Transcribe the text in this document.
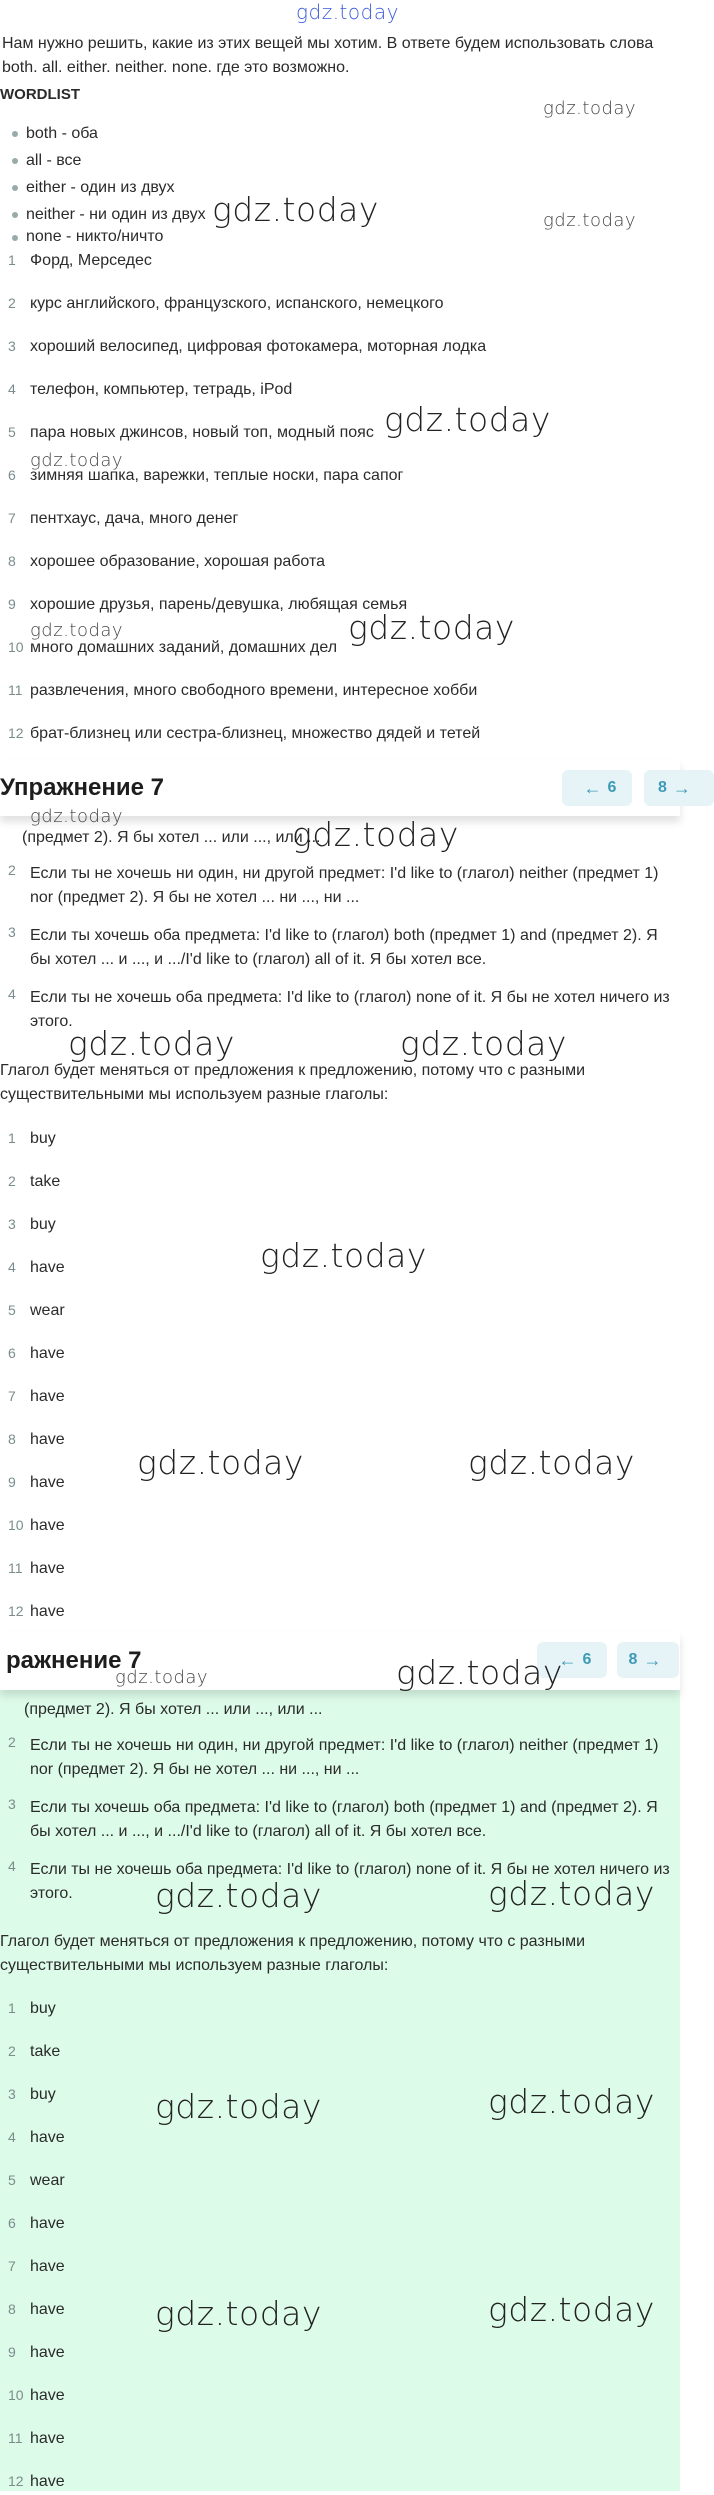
gdz.today
Нам нужно решить, какие из этих вещей мы хотим. В ответе будем использовать слова both. all. either. neither. none. где это возможно.
WORDLIST
both - оба
all - все
either - один из двух
neither - ни один из двух
none - никто/ничто
1 Форд, Мерседес
2 курс английского, французского, испанского, немецкого
3 хороший велосипед, цифровая фотокамера, моторная лодка
4 телефон, компьютер, тетрадь, iPod
5 пара новых джинсов, новый топ, модный пояс
6 зимняя шапка, варежки, теплые носки, пара сапог
7 пентхаус, дача, много денег
8 хорошее образование, хорошая работа
9 хорошие друзья, парень/девушка, любящая семья
10 много домашних заданий, домашних дел
11 развлечения, много свободного времени, интересное хобби
12 брат-близнец или сестра-близнец, множество дядей и тетей
Упражнение 7	← 6	8 →
(предмет 2). Я бы хотел ... или ..., или ...
2 Если ты не хочешь ни один, ни другой предмет: I'd like to (глагол) neither (предмет 1) nor (предмет 2). Я бы не хотел ... ни ..., ни ...
3 Если ты хочешь оба предмета: I'd like to (глагол) both (предмет 1) and (предмет 2). Я бы хотел ... и ..., и .../I'd like to (глагол) all of it. Я бы хотел все.
4 Если ты не хочешь оба предмета: I'd like to (глагол) none of it. Я бы не хотел ничего из этого.
Глагол будет меняться от предложения к предложению, потому что с разными существительными мы используем разные глаголы:
1 buy
2 take
3 buy
4 have
5 wear
6 have
7 have
8 have
9 have
10 have
11 have
12 have
ражнение 7	← 6 8 →
(предмет 2). Я бы хотел ... или ..., или ...
2 Если ты не хочешь ни один, ни другой предмет: I'd like to (глагол) neither (предмет 1) nor (предмет 2). Я бы не хотел ... ни ..., ни ...
3 Если ты хочешь оба предмета: I'd like to (глагол) both (предмет 1) and (предмет 2). Я бы хотел ... и ..., и .../I'd like to (глагол) all of it. Я бы хотел все.
4 Если ты не хочешь оба предмета: I'd like to (глагол) none of it. Я бы не хотел ничего из этого.
Глагол будет меняться от предложения к предложению, потому что с разными существительными мы используем разные глаголы:
1 buy
2 take
3 buy
4 have
5 wear
6 have
7 have
8 have
9 have
10 have
11 have
12 have
gdz.today
gdz.today	gdz.today
gdz.today
gdz.today
gdz.today	gdz.today
gdz.today	gdz.today
gdz.today	gdz.today
gdz.today
gdz.today	gdz.today
gdz.today	gdz.today
gdz.today	gdz.today
gdz.today	gdz.today
gdz.today	gdz.today
